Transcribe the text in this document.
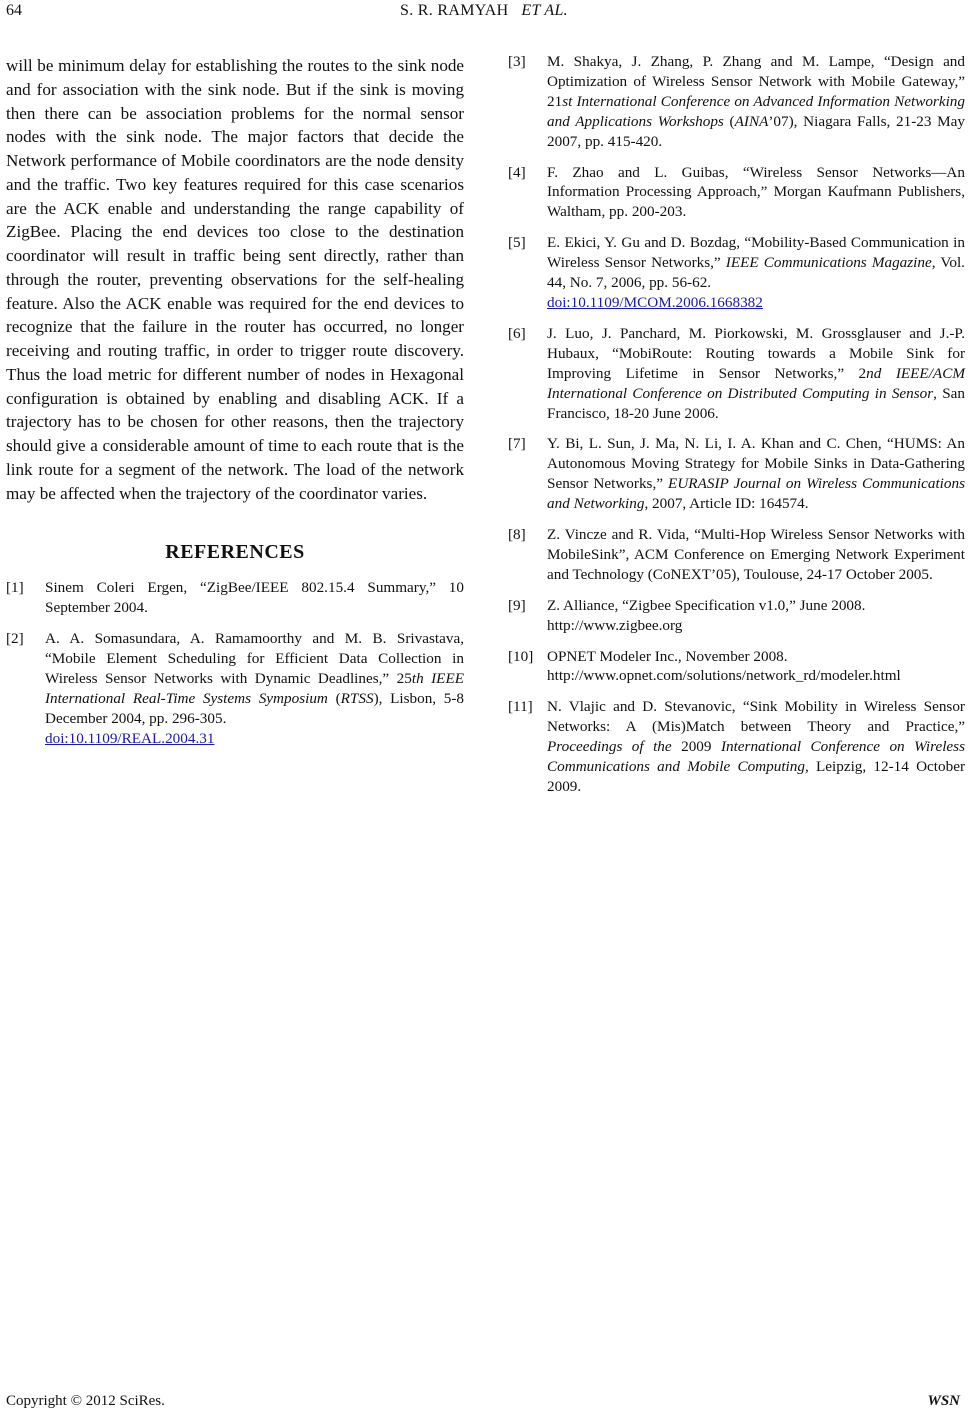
64	S. R. RAMYAH ET AL.

will be minimum delay for establishing the routes to the sink node and for association with the sink node. But if the sink is moving then there can be association problems for the normal sensor nodes with the sink node. The major factors that decide the Network performance of Mobile coordinators are the node density and the traffic. Two key features required for this case scenarios are the ACK enable and understanding the range capability of ZigBee. Placing the end devices too close to the destination coordinator will result in traffic being sent directly, rather than through the router, preventing observations for the self-healing feature. Also the ACK enable was required for the end devices to recognize that the failure in the router has occurred, no longer receiving and routing traffic, in order to trigger route discovery. Thus the load metric for different number of nodes in Hexagonal configuration is obtained by enabling and disabling ACK. If a trajectory has to be chosen for other reasons, then the trajectory should give a considerable amount of time to each route that is the link route for a segment of the network. The load of the network may be affected when the trajectory of the coordinator varies.

REFERENCES
[1]	Sinem Coleri Ergen, “ZigBee/IEEE 802.15.4 Summary,” 10 September 2004.
[2]	A. A. Somasundara, A. Ramamoorthy and M. B. Srivastava, “Mobile Element Scheduling for Efficient Data Collection in Wireless Sensor Networks with Dynamic Deadlines,” 25th IEEE International Real-Time Systems Symposium (RTSS), Lisbon, 5-8 December 2004, pp. 296-305.
doi:10.1109/REAL.2004.31
[3]	M. Shakya, J. Zhang, P. Zhang and M. Lampe, “Design and Optimization of Wireless Sensor Network with Mobile Gateway,” 21st International Conference on Advanced Information Networking and Applications Workshops (AINA’07), Niagara Falls, 21-23 May 2007, pp. 415-420.
[4]	F. Zhao and L. Guibas, “Wireless Sensor Networks—An Information Processing Approach,” Morgan Kaufmann Publishers, Waltham, pp. 200-203.
[5]	E. Ekici, Y. Gu and D. Bozdag, “Mobility-Based Communication in Wireless Sensor Networks,” IEEE Communications Magazine, Vol. 44, No. 7, 2006, pp. 56-62.
doi:10.1109/MCOM.2006.1668382
[6]	J. Luo, J. Panchard, M. Piorkowski, M. Grossglauser and J.-P. Hubaux, “MobiRoute: Routing towards a Mobile Sink for Improving Lifetime in Sensor Networks,” 2nd IEEE/ACM International Conference on Distributed Computing in Sensor, San Francisco, 18-20 June 2006.
[7]	Y. Bi, L. Sun, J. Ma, N. Li, I. A. Khan and C. Chen, “HUMS: An Autonomous Moving Strategy for Mobile Sinks in Data-Gathering Sensor Networks,” EURASIP Journal on Wireless Communications and Networking, 2007, Article ID: 164574.
[8]	Z. Vincze and R. Vida, “Multi-Hop Wireless Sensor Networks with MobileSink”, ACM Conference on Emerging Network Experiment and Technology (CoNEXT’05), Toulouse, 24-17 October 2005.
[9]	Z. Alliance, “Zigbee Specification v1.0,” June 2008.
http://www.zigbee.org
[10] OPNET Modeler Inc., November 2008.
http://www.opnet.com/solutions/network_rd/modeler.html
[11] N. Vlajic and D. Stevanovic, “Sink Mobility in Wireless Sensor Networks: A (Mis)Match between Theory and Practice,” Proceedings of the 2009 International Conference on Wireless Communications and Mobile Computing, Leipzig, 12-14 October 2009.
Copyright © 2012 SciRes.	WSN
